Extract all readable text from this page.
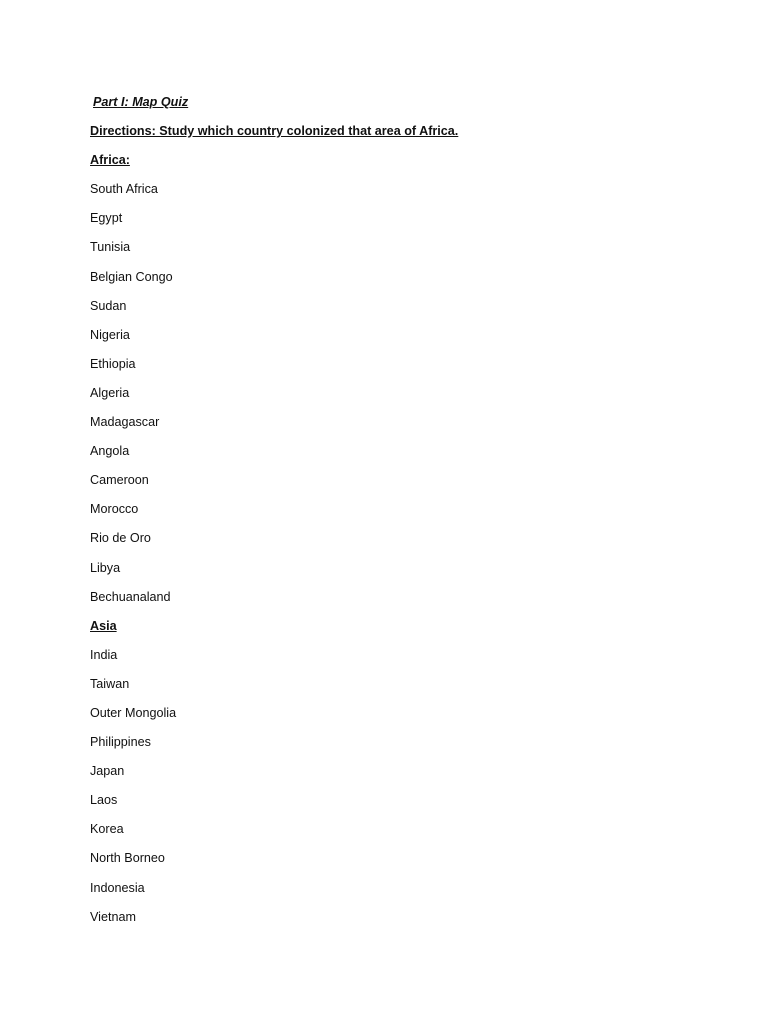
Part I: Map Quiz
Directions: Study which country colonized that area of Africa.
Africa:
South Africa
Egypt
Tunisia
Belgian Congo
Sudan
Nigeria
Ethiopia
Algeria
Madagascar
Angola
Cameroon
Morocco
Rio de Oro
Libya
Bechuanaland
Asia
India
Taiwan
Outer Mongolia
Philippines
Japan
Laos
Korea
North Borneo
Indonesia
Vietnam
